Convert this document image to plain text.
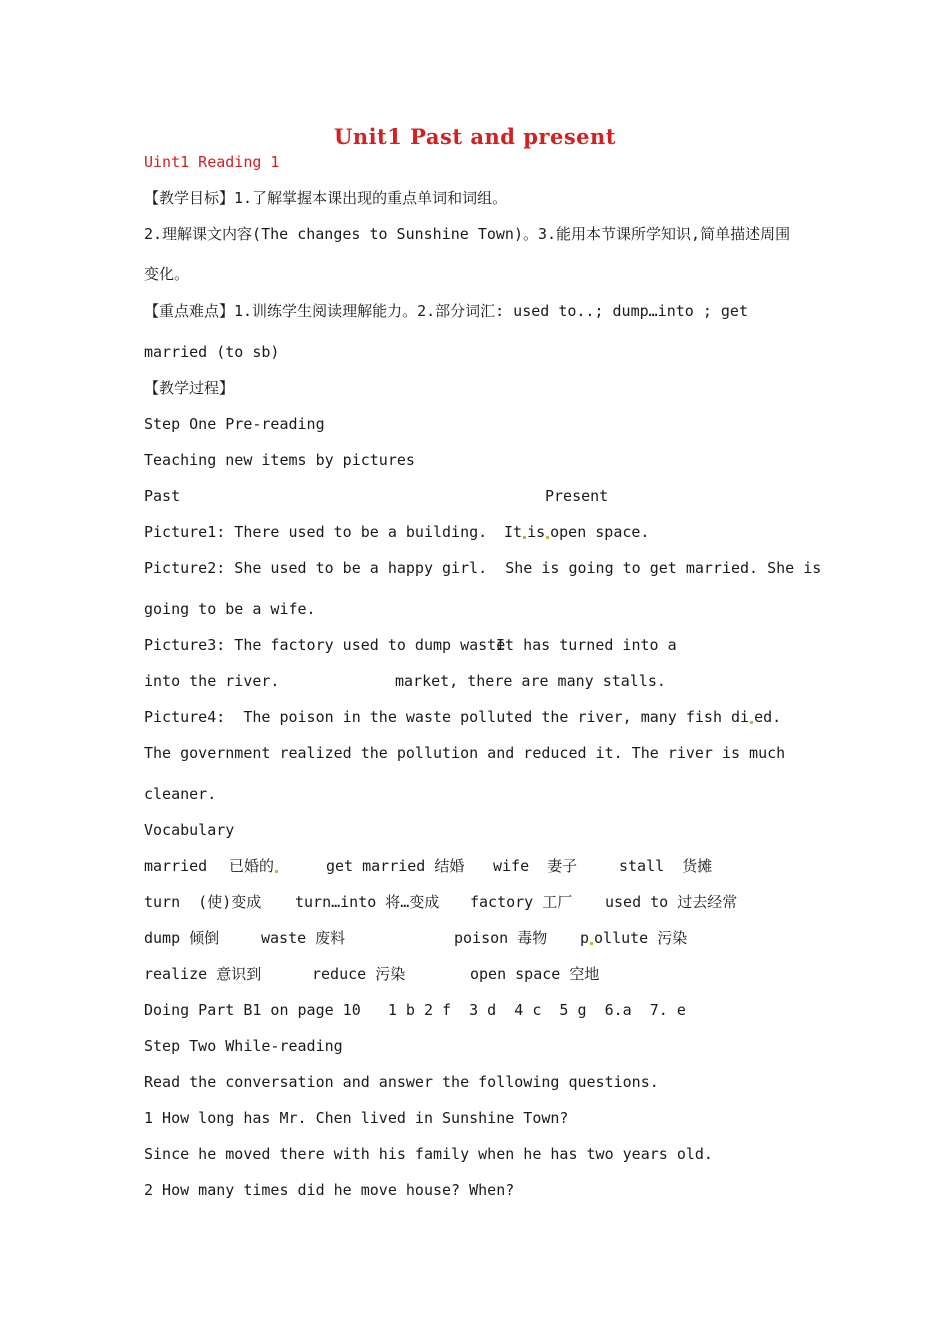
Unit1 Past and present
Uint1 Reading 1
【教学目标】1.了解掌握本课出现的重点单词和词组。
2.理解课文内容(The changes to Sunshine Town)。3.能用本节课所学知识,简单描述周围
变化。
【重点难点】1.训练学生阅读理解能力。2.部分词汇: used to..; dump…into ; get
married (to sb)
【教学过程】
Step One Pre-reading
Teaching new items by pictures
Past	Present
Picture1: There used to be a building. It is open space.
Picture2: She used to be a happy girl.  She is going to get married. She is
going to be a wife.
Picture3: The factory used to dump waste
It has turned into a
into the river.	market, there are many stalls.
Picture4:  The poison in the waste polluted the river, many fish di ed.
The government realized the pollution and reduced it. The river is much
cleaner.
Vocabulary
married 已婚的	get married 结婚 wife  妻子	stall  货摊
turn  (使)变成 turn…into 将…变成 factory 工厂 used to 过去经常
dump 倾倒	waste 废料	poison 毒物 p ollute 污染
realize 意识到	reduce 污染	open space 空地
Doing Part B1 on page 10   1 b 2 f  3 d  4 c  5 g  6.a  7. e
Step Two While-reading
Read the conversation and answer the following questions.
1 How long has Mr. Chen lived in Sunshine Town?
Since he moved there with his family when he has two years old.
2 How many times did he move house? When?
